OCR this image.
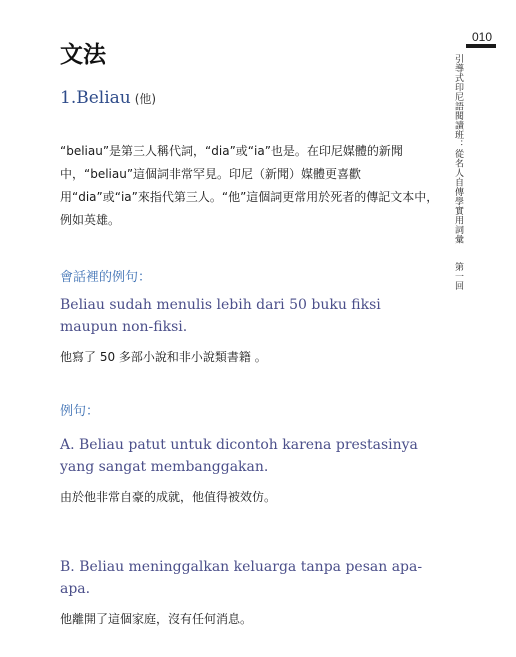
010
引導式印尼語閱讀班：從名人自傳學實用詞彙
第一回
文法
1.Beliau (他)

“beliau”是第三人稱代詞，“dia”或“ia”也是。在印尼媒體的新聞中，“beliau”這個詞非常罕見。印尼（新聞）媒體更喜歡用“dia”或“ia”來指代第三人。“他”這個詞更常用於死者的傳記文本中，例如英雄。

會話裡的例句：

Beliau sudah menulis lebih dari 50 buku fiksi maupun non-fiksi.

他寫了 50 多部小說和非小說類書籍 。

例句：

A. Beliau patut untuk dicontoh karena prestasinya yang sangat membanggakan.

由於他非常自豪的成就，他值得被效仿。

B. Beliau meninggalkan keluarga tanpa pesan apa-apa.

他離開了這個家庭，沒有任何消息。
